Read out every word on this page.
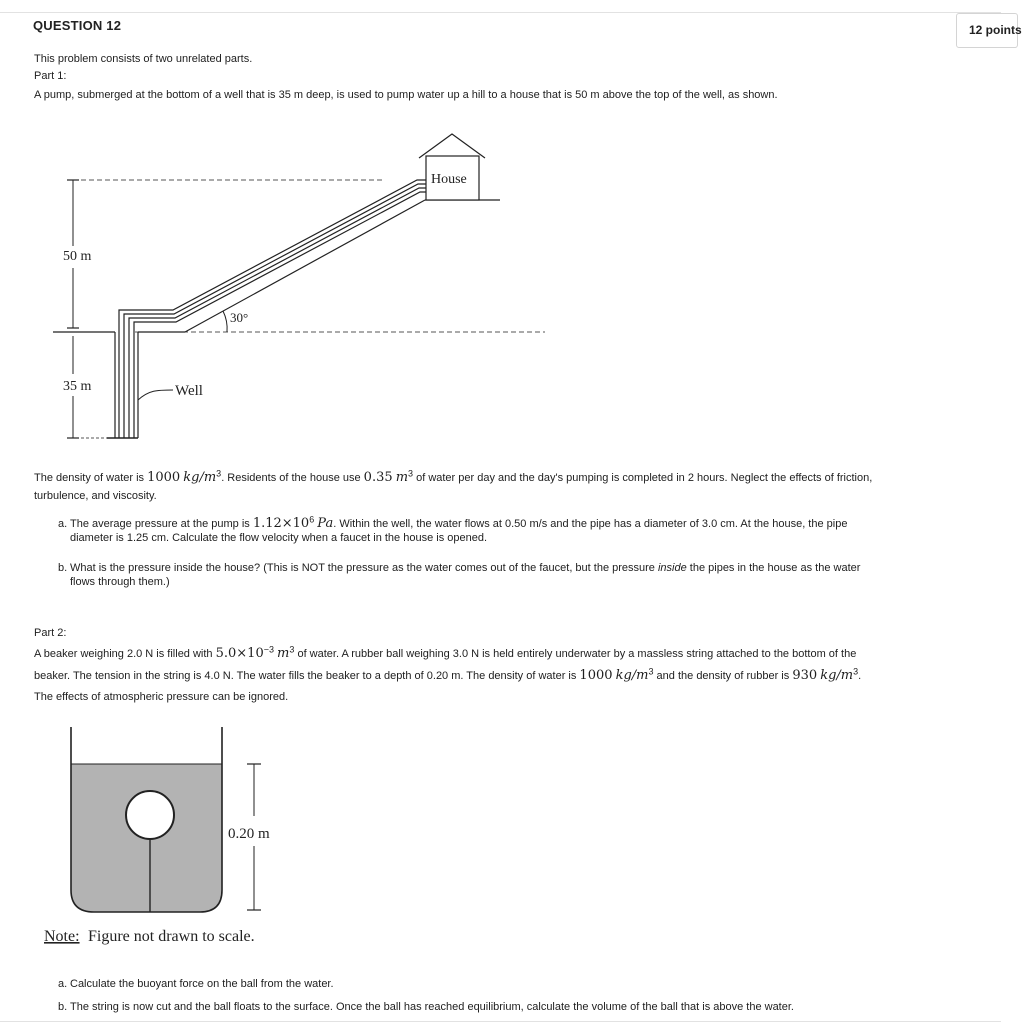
QUESTION 12	12 points
This problem consists of two unrelated parts.
Part 1:
A pump, submerged at the bottom of a well that is 35 m deep, is used to pump water up a hill to a house that is 50 m above the top of the well, as shown.
House
50 m
35 m
30°
Well
The density of water is 1000 $kg/m^3$. Residents of the house use 0.35 $m^3$ of water per day and the day's pumping is completed in 2 hours. Neglect the effects of friction, turbulence, and viscosity.
a. The average pressure at the pump is $1.12\times 10^6$ Pa. Within the well, the water flows at 0.50 m/s and the pipe has a diameter of 3.0 cm. At the house, the pipe diameter is 1.25 cm. Calculate the flow velocity when a faucet in the house is opened.
b. What is the pressure inside the house? (This is NOT the pressure as the water comes out of the faucet, but the pressure inside the pipes in the house as the water flows through them.)
Part 2:
A beaker weighing 2.0 N is filled with $5.0\times 10^{-3}$ $m^3$ of water. A rubber ball weighing 3.0 N is held entirely underwater by a massless string attached to the bottom of the beaker. The tension in the string is 4.0 N. The water fills the beaker to a depth of 0.20 m. The density of water is 1000 $kg/m^3$ and the density of rubber is 930 $kg/m^3$. The effects of atmospheric pressure can be ignored.
0.20 m
Note: Figure not drawn to scale.
a. Calculate the buoyant force on the ball from the water.
b. The string is now cut and the ball floats to the surface. Once the ball has reached equilibrium, calculate the volume of the ball that is above the water.
